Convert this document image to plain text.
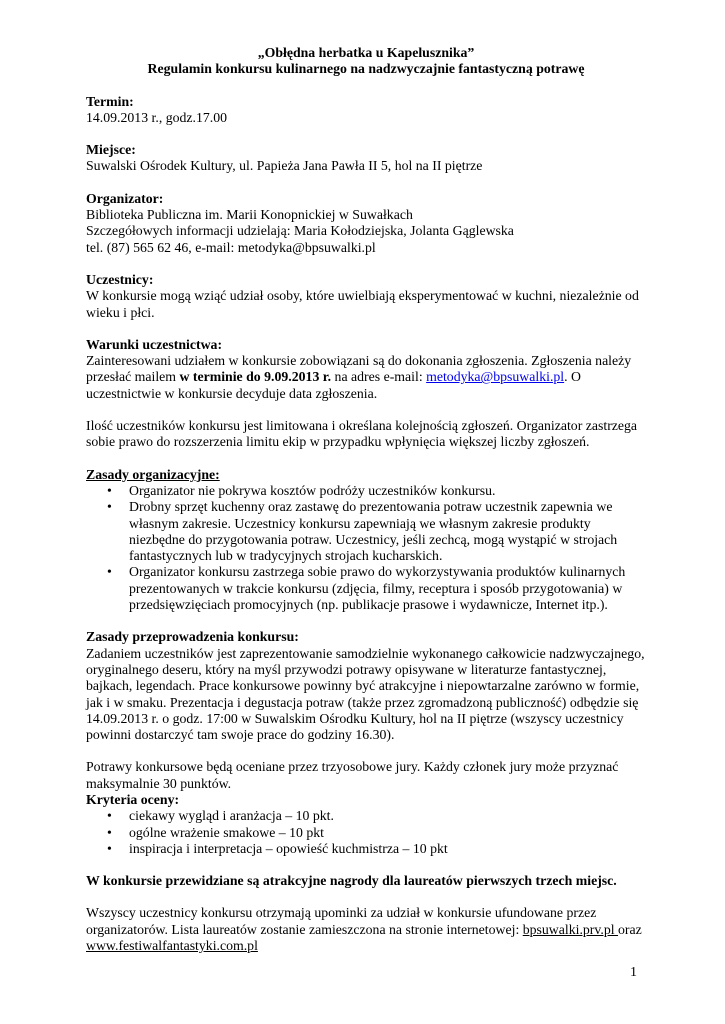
„Obłędna herbatka u Kapelusznika”

Regulamin konkursu kulinarnego na nadzwyczajnie fantastyczną potrawę

Termin:

14.09.2013 r., godz.17.00

Miejsce:

Suwalski Ośrodek Kultury, ul. Papieża Jana Pawła II 5, hol na II piętrze

Organizator:

Biblioteka Publiczna im. Marii Konopnickiej w Suwałkach

Szczegółowych informacji udzielają: Maria Kołodziejska, Jolanta Gąglewska

tel. (87) 565 62 46, e-mail: metodyka@bpsuwalki.pl

Uczestnicy:

W konkursie mogą wziąć udział osoby, które uwielbiają eksperymentować w kuchni, niezależnie od wieku i płci.

Warunki uczestnictwa:

Zainteresowani udziałem w konkursie zobowiązani są do dokonania zgłoszenia. Zgłoszenia należy przesłać mailem w terminie do 9.09.2013 r. na adres e-mail: metodyka@bpsuwalki.pl. O uczestnictwie w konkursie decyduje data zgłoszenia.

Ilość uczestników konkursu jest limitowana i określana kolejnością zgłoszeń. Organizator zastrzega sobie prawo do rozszerzenia limitu ekip w przypadku wpłynięcia większej liczby zgłoszeń.

Zasady organizacyjne:

• Organizator nie pokrywa kosztów podróży uczestników konkursu.
• Drobny sprzęt kuchenny oraz zastawę do prezentowania potraw uczestnik zapewnia we własnym zakresie. Uczestnicy konkursu zapewniają we własnym zakresie produkty niezbędne do przygotowania potraw. Uczestnicy, jeśli zechcą, mogą wystąpić w strojach fantastycznych lub w tradycyjnych strojach kucharskich.
• Organizator konkursu zastrzega sobie prawo do wykorzystywania produktów kulinarnych prezentowanych w trakcie konkursu (zdjęcia, filmy, receptura i sposób przygotowania) w przedsięwzięciach promocyjnych (np. publikacje prasowe i wydawnicze, Internet itp.).

Zasady przeprowadzenia konkursu:

Zadaniem uczestników jest zaprezentowanie samodzielnie wykonanego całkowicie nadzwyczajnego, oryginalnego deseru, który na myśl przywodzi potrawy opisywane w literaturze fantastycznej, bajkach, legendach. Prace konkursowe powinny być atrakcyjne i niepowtarzalne zarówno w formie, jak i w smaku. Prezentacja i degustacja potraw (także przez zgromadzoną publiczność) odbędzie się 14.09.2013 r. o godz. 17:00 w Suwalskim Ośrodku Kultury, hol na II piętrze (wszyscy uczestnicy powinni dostarczyć tam swoje prace do godziny 16.30).

Potrawy konkursowe będą oceniane przez trzyosobowe jury. Każdy członek jury może przyznać maksymalnie 30 punktów.

Kryteria oceny:

• ciekawy wygląd i aranżacja – 10 pkt.
• ogólne wrażenie smakowe – 10 pkt
• inspiracja i interpretacja – opowieść kuchmistrza – 10 pkt

W konkursie przewidziane są atrakcyjne nagrody dla laureatów pierwszych trzech miejsc.

Wszyscy uczestnicy konkursu otrzymają upominki za udział w konkursie ufundowane przez organizatorów. Lista laureatów zostanie zamieszczona na stronie internetowej: bpsuwalki.prv.pl oraz www.festiwalfantastyki.com.pl

1
